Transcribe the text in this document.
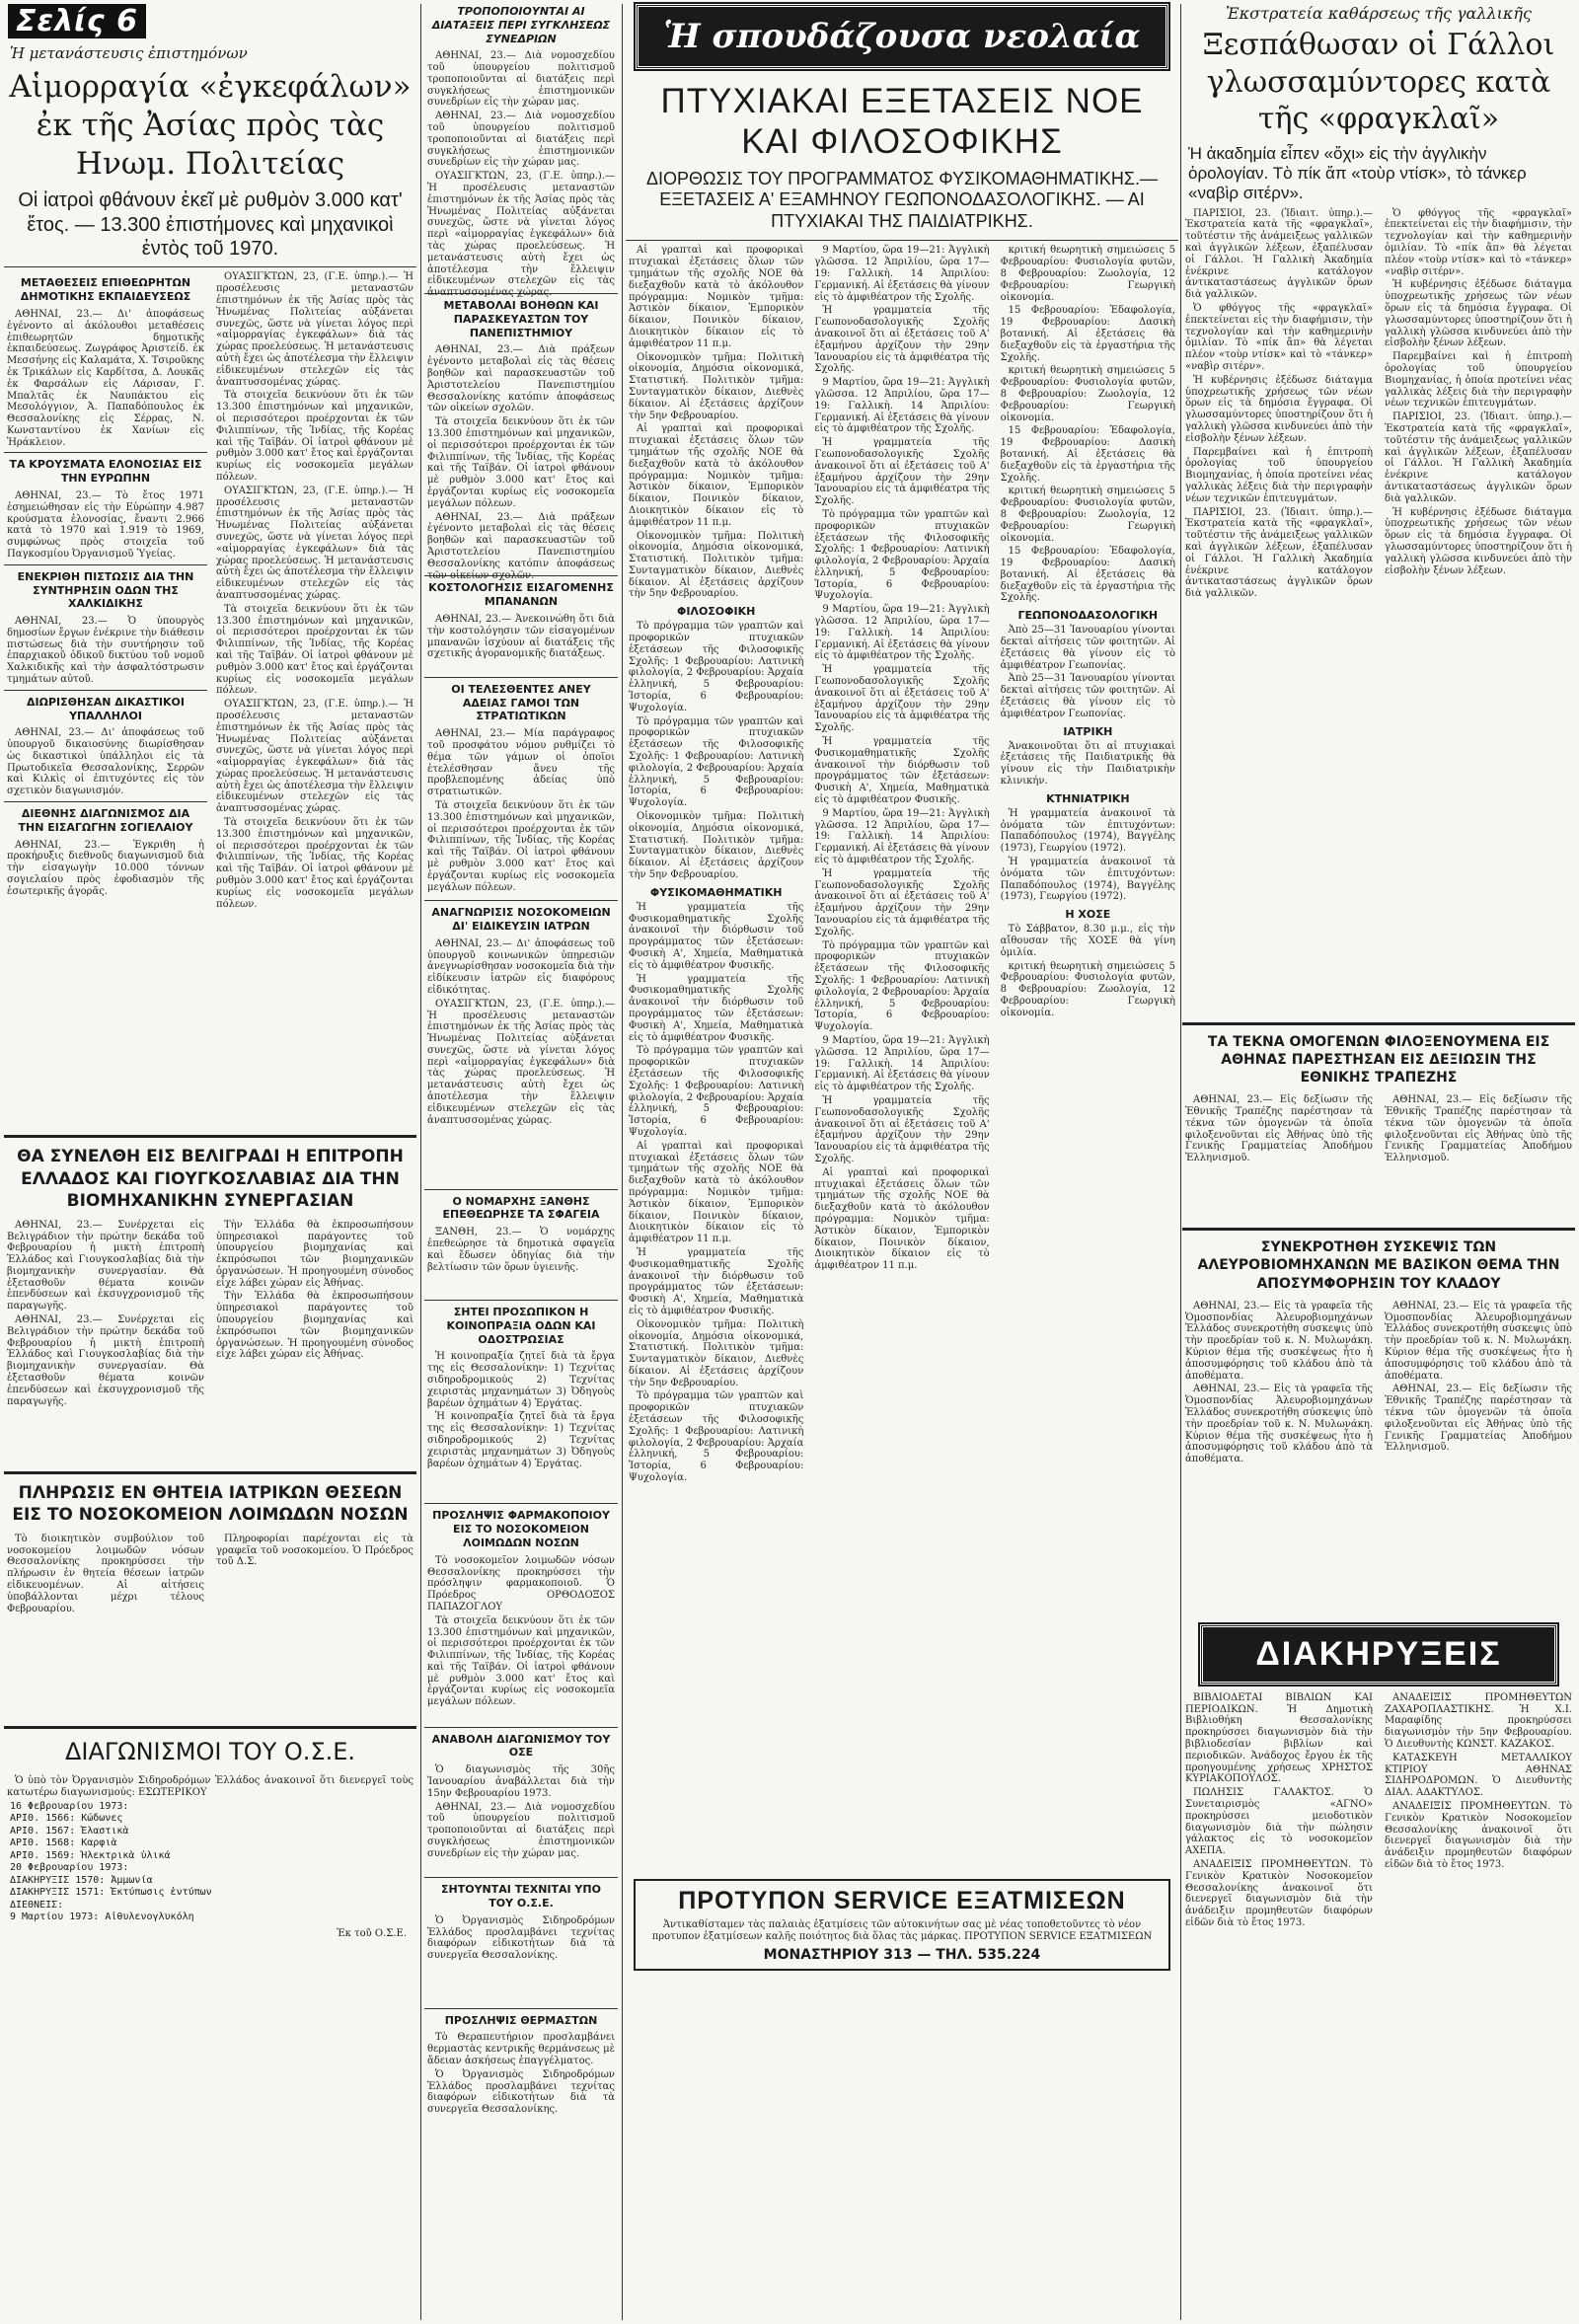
Σελίς 6
Ἡ μετανάστευσις ἐπιστημόνων
Αἱμορραγία «ἐγκεφάλων» ἐκ τῆς Ἀσίας πρὸς τὰς Ηνωμ. Πολιτείας
Οἱ ἰατροὶ φθάνουν ἐκεῖ μὲ ρυθμὸν 3.000 κατ' ἔτος. — 13.300 ἐπιστήμονες καὶ μηχανικοὶ ἐντὸς τοῦ 1970.
ΜΕΤΑΘΕΣΕΙΣ ΕΠΙΘΕΩΡΗΤΩΝ ΔΗΜΟΤΙΚΗΣ ΕΚΠΑΙΔΕΥΣΕΩΣ

ΑΘΗΝΑΙ, 23.— Δι' ἀποφάσεως ἐγένοντο αἱ ἀκόλουθοι μεταθέσεις ἐπιθεωρητῶν δημοτικῆς ἐκπαιδεύσεως. Ζωγράφος Ἀριστείδ. ἐκ Μεσσήνης εἰς Καλαμάτα, Χ. Τσιροῦκης ἐκ Τρικάλων εἰς Καρδίτσα, Δ. Λουκᾶς ἐκ Φαρσάλων εἰς Λάρισαν, Γ. Μπαλτᾶς ἐκ Ναυπάκτου εἰς Μεσολόγγιον, Ἀ. Παπαδόπουλος ἐκ Θεσσαλονίκης εἰς Σέρρας, Ν. Κωνσταντίνου ἐκ Χανίων εἰς Ἡράκλειον.

ΤΑ ΚΡΟΥΣΜΑΤΑ ΕΛΟΝΟΣΙΑΣ ΕΙΣ ΤΗΝ ΕΥΡΩΠΗΝ

ΑΘΗΝΑΙ, 23.— Τὸ ἔτος 1971 ἐσημειώθησαν εἰς τὴν Εὐρώπην 4.987 κρούσματα ἐλονοσίας, ἔναντι 2.966 κατὰ τὸ 1970 καὶ 1.919 τὸ 1969, συμφώνως πρὸς στοιχεῖα τοῦ Παγκοσμίου Ὀργανισμοῦ Ὑγείας.

ΕΝΕΚΡΙΘΗ ΠΙΣΤΩΣΙΣ ΔΙΑ ΤΗΝ ΣΥΝΤΗΡΗΣΙΝ ΟΔΩΝ ΤΗΣ ΧΑΛΚΙΔΙΚΗΣ

ΑΘΗΝΑΙ, 23.— Ὁ ὑπουργὸς δημοσίων ἔργων ἐνέκρινε τὴν διάθεσιν πιστώσεως διὰ τὴν συντήρησιν τοῦ ἐπαρχιακοῦ ὁδικοῦ δικτύου τοῦ νομοῦ Χαλκιδικῆς καὶ τὴν ἀσφαλτόστρωσιν τμημάτων αὐτοῦ.

ΔΙΩΡΙΣΘΗΣΑΝ ΔΙΚΑΣΤΙΚΟΙ ΥΠΑΛΛΗΛΟΙ

ΑΘΗΝΑΙ, 23.— Δι' ἀποφάσεως τοῦ ὑπουργοῦ δικαιοσύνης διωρίσθησαν ὡς δικαστικοὶ ὑπάλληλοι εἰς τὰ Πρωτοδικεῖα Θεσσαλονίκης, Σερρῶν καὶ Κιλκὶς οἱ ἐπιτυχόντες εἰς τὸν σχετικὸν διαγωνισμόν.

ΔΙΕΘΝΗΣ ΔΙΑΓΩΝΙΣΜΟΣ ΔΙΑ ΤΗΝ ΕΙΣΑΓΩΓΗΝ ΣΟΓΙΕΛΑΙΟΥ

ΑΘΗΝΑΙ, 23.— Ἐγκριθη ἡ προκήρυξις διεθνοῦς διαγωνισμοῦ διὰ τὴν εἰσαγωγὴν 10.000 τόννων σογιελαίου πρὸς ἐφοδιασμὸν τῆς ἐσωτερικῆς ἀγορᾶς.

ΟΥΑΣΙΓΚΤΩΝ, 23, (Γ.Ε. ὑπηρ.).— Ἡ προσέλευσις μεταναστῶν ἐπιστημόνων ἐκ τῆς Ἀσίας πρὸς τὰς Ἡνωμένας Πολιτείας αὐξάνεται συνεχῶς, ὥστε νὰ γίνεται λόγος περὶ «αἱμορραγίας ἐγκεφάλων» διὰ τὰς χώρας προελεύσεως. Ἡ μετανάστευσις αὐτὴ ἔχει ὡς ἀποτέλεσμα τὴν ἔλλειψιν εἰδικευμένων στελεχῶν εἰς τὰς ἀναπτυσσομένας χώρας.

Τὰ στοιχεῖα δεικνύουν ὅτι ἐκ τῶν 13.300 ἐπιστημόνων καὶ μηχανικῶν, οἱ περισσότεροι προέρχονται ἐκ τῶν Φιλιππίνων, τῆς Ἰνδίας, τῆς Κορέας καὶ τῆς Ταϊβάν. Οἱ ἰατροὶ φθάνουν μὲ ρυθμὸν 3.000 κατ' ἔτος καὶ ἐργάζονται κυρίως εἰς νοσοκομεῖα μεγάλων πόλεων.

ΟΥΑΣΙΓΚΤΩΝ, 23, (Γ.Ε. ὑπηρ.).— Ἡ προσέλευσις μεταναστῶν ἐπιστημόνων ἐκ τῆς Ἀσίας πρὸς τὰς Ἡνωμένας Πολιτείας αὐξάνεται συνεχῶς, ὥστε νὰ γίνεται λόγος περὶ «αἱμορραγίας ἐγκεφάλων» διὰ τὰς χώρας προελεύσεως. Ἡ μετανάστευσις αὐτὴ ἔχει ὡς ἀποτέλεσμα τὴν ἔλλειψιν εἰδικευμένων στελεχῶν εἰς τὰς ἀναπτυσσομένας χώρας.

Τὰ στοιχεῖα δεικνύουν ὅτι ἐκ τῶν 13.300 ἐπιστημόνων καὶ μηχανικῶν, οἱ περισσότεροι προέρχονται ἐκ τῶν Φιλιππίνων, τῆς Ἰνδίας, τῆς Κορέας καὶ τῆς Ταϊβάν. Οἱ ἰατροὶ φθάνουν μὲ ρυθμὸν 3.000 κατ' ἔτος καὶ ἐργάζονται κυρίως εἰς νοσοκομεῖα μεγάλων πόλεων.

ΟΥΑΣΙΓΚΤΩΝ, 23, (Γ.Ε. ὑπηρ.).— Ἡ προσέλευσις μεταναστῶν ἐπιστημόνων ἐκ τῆς Ἀσίας πρὸς τὰς Ἡνωμένας Πολιτείας αὐξάνεται συνεχῶς, ὥστε νὰ γίνεται λόγος περὶ «αἱμορραγίας ἐγκεφάλων» διὰ τὰς χώρας προελεύσεως. Ἡ μετανάστευσις αὐτὴ ἔχει ὡς ἀποτέλεσμα τὴν ἔλλειψιν εἰδικευμένων στελεχῶν εἰς τὰς ἀναπτυσσομένας χώρας.

Τὰ στοιχεῖα δεικνύουν ὅτι ἐκ τῶν 13.300 ἐπιστημόνων καὶ μηχανικῶν, οἱ περισσότεροι προέρχονται ἐκ τῶν Φιλιππίνων, τῆς Ἰνδίας, τῆς Κορέας καὶ τῆς Ταϊβάν. Οἱ ἰατροὶ φθάνουν μὲ ρυθμὸν 3.000 κατ' ἔτος καὶ ἐργάζονται κυρίως εἰς νοσοκομεῖα μεγάλων πόλεων.

ΘΑ ΣΥΝΕΛΘΗ ΕΙΣ ΒΕΛΙΓΡΑΔΙ Η ΕΠΙΤΡΟΠΗ ΕΛΛΑΔΟΣ ΚΑΙ ΓΙΟΥΓΚΟΣΛΑΒΙΑΣ ΔΙΑ ΤΗΝ ΒΙΟΜΗΧΑΝΙΚΗΝ ΣΥΝΕΡΓΑΣΙΑΝ

ΑΘΗΝΑΙ, 23.— Συνέρχεται εἰς Βελιγράδιον τὴν πρώτην δεκάδα τοῦ Φεβρουαρίου ἡ μικτὴ ἐπιτροπὴ Ἑλλάδος καὶ Γιουγκοσλαβίας διὰ τὴν βιομηχανικὴν συνεργασίαν. Θὰ ἐξετασθοῦν θέματα κοινῶν ἐπενδύσεων καὶ ἐκσυγχρονισμοῦ τῆς παραγωγῆς.

ΑΘΗΝΑΙ, 23.— Συνέρχεται εἰς Βελιγράδιον τὴν πρώτην δεκάδα τοῦ Φεβρουαρίου ἡ μικτὴ ἐπιτροπὴ Ἑλλάδος καὶ Γιουγκοσλαβίας διὰ τὴν βιομηχανικὴν συνεργασίαν. Θὰ ἐξετασθοῦν θέματα κοινῶν ἐπενδύσεων καὶ ἐκσυγχρονισμοῦ τῆς παραγωγῆς.

Τὴν Ἑλλάδα θὰ ἐκπροσωπήσουν ὑπηρεσιακοὶ παράγοντες τοῦ ὑπουργείου βιομηχανίας καὶ ἐκπρόσωποι τῶν βιομηχανικῶν ὀργανώσεων. Ἡ προηγουμένη σύνοδος εἶχε λάβει χώραν εἰς Ἀθήνας.

Τὴν Ἑλλάδα θὰ ἐκπροσωπήσουν ὑπηρεσιακοὶ παράγοντες τοῦ ὑπουργείου βιομηχανίας καὶ ἐκπρόσωποι τῶν βιομηχανικῶν ὀργανώσεων. Ἡ προηγουμένη σύνοδος εἶχε λάβει χώραν εἰς Ἀθήνας.

ΠΛΗΡΩΣΙΣ ΕΝ ΘΗΤΕΙΑ ΙΑΤΡΙΚΩΝ ΘΕΣΕΩΝ ΕΙΣ ΤΟ ΝΟΣΟΚΟΜΕΙΟΝ ΛΟΙΜΩΔΩΝ ΝΟΣΩΝ

Τὸ διοικητικὸν συμβούλιον τοῦ νοσοκομείου λοιμωδῶν νόσων Θεσσαλονίκης προκηρύσσει τὴν πλήρωσιν ἐν θητεία θέσεων ἰατρῶν εἰδικευομένων. Αἱ αἰτήσεις ὑποβάλλονται μέχρι τέλους Φεβρουαρίου.

Πληροφορίαι παρέχονται εἰς τὰ γραφεῖα τοῦ νοσοκομείου. Ὁ Πρόεδρος τοῦ Δ.Σ.

ΔΙΑΓΩΝΙΣΜΟΙ ΤΟΥ Ο.Σ.Ε.

Ὁ ὑπὸ τὸν Ὀργανισμὸν Σιδηροδρόμων Ἑλλάδος ἀνακοινοῖ ὅτι διενεργεῖ τοὺς κατωτέρω διαγωνισμούς: ΕΣΩΤΕΡΙΚΟΥ

16 Φεβρουαρίου 1973:
ΑΡΙΘ. 1566: Κώδωνες
ΑΡΙΘ. 1567: Ἐλαστικὰ
ΑΡΙΘ. 1568: Καρφιὰ
ΑΡΙΘ. 1569: Ἠλεκτρικὰ ὑλικά
20 Φεβρουαρίου 1973:
ΔΙΑΚΗΡΥΞΙΣ 1570: Ἀμμωνία
ΔΙΑΚΗΡΥΞΙΣ 1571: Ἐκτύπωσις ἐντύπων
ΔΙΕΘΝΕΙΣ:
9 Μαρτίου 1973: Αἰθυλενογλυκόλη
Ἐκ τοῦ Ο.Σ.Ε.
ΤΡΟΠΟΠΟΙΟΥΝΤΑΙ ΑΙ ΔΙΑΤΑΞΕΙΣ ΠΕΡΙ ΣΥΓΚΛΗΣΕΩΣ ΣΥΝΕΔΡΙΩΝ

ΑΘΗΝΑΙ, 23.— Διὰ νομοσχεδίου τοῦ ὑπουργείου πολιτισμοῦ τροποποιοῦνται αἱ διατάξεις περὶ συγκλήσεως ἐπιστημονικῶν συνεδρίων εἰς τὴν χώραν μας.

ΑΘΗΝΑΙ, 23.— Διὰ νομοσχεδίου τοῦ ὑπουργείου πολιτισμοῦ τροποποιοῦνται αἱ διατάξεις περὶ συγκλήσεως ἐπιστημονικῶν συνεδρίων εἰς τὴν χώραν μας.

ΟΥΑΣΙΓΚΤΩΝ, 23, (Γ.Ε. ὑπηρ.).— Ἡ προσέλευσις μεταναστῶν ἐπιστημόνων ἐκ τῆς Ἀσίας πρὸς τὰς Ἡνωμένας Πολιτείας αὐξάνεται συνεχῶς, ὥστε νὰ γίνεται λόγος περὶ «αἱμορραγίας ἐγκεφάλων» διὰ τὰς χώρας προελεύσεως. Ἡ μετανάστευσις αὐτὴ ἔχει ὡς ἀποτέλεσμα τὴν ἔλλειψιν εἰδικευμένων στελεχῶν εἰς τὰς ἀναπτυσσομένας χώρας.

ΜΕΤΑΒΟΛΑΙ ΒΟΗΘΩΝ ΚΑΙ ΠΑΡΑΣΚΕΥΑΣΤΩΝ ΤΟΥ ΠΑΝΕΠΙΣΤΗΜΙΟΥ

ΑΘΗΝΑΙ, 23.— Διὰ πράξεων ἐγένοντο μεταβολαὶ εἰς τὰς θέσεις βοηθῶν καὶ παρασκευαστῶν τοῦ Ἀριστοτελείου Πανεπιστημίου Θεσσαλονίκης κατόπιν ἀποφάσεως τῶν οἰκείων σχολῶν.

Τὰ στοιχεῖα δεικνύουν ὅτι ἐκ τῶν 13.300 ἐπιστημόνων καὶ μηχανικῶν, οἱ περισσότεροι προέρχονται ἐκ τῶν Φιλιππίνων, τῆς Ἰνδίας, τῆς Κορέας καὶ τῆς Ταϊβάν. Οἱ ἰατροὶ φθάνουν μὲ ρυθμὸν 3.000 κατ' ἔτος καὶ ἐργάζονται κυρίως εἰς νοσοκομεῖα μεγάλων πόλεων.

ΑΘΗΝΑΙ, 23.— Διὰ πράξεων ἐγένοντο μεταβολαὶ εἰς τὰς θέσεις βοηθῶν καὶ παρασκευαστῶν τοῦ Ἀριστοτελείου Πανεπιστημίου Θεσσαλονίκης κατόπιν ἀποφάσεως τῶν οἰκείων σχολῶν.

ΚΟΣΤΟΛΟΓΗΣΙΣ ΕΙΣΑΓΟΜΕΝΗΣ ΜΠΑΝΑΝΩΝ

ΑΘΗΝΑΙ, 23.— Ἀνεκοινώθη ὅτι διὰ τὴν κοστολόγησιν τῶν εἰσαγομένων μπανανῶν ἰσχύουν αἱ διατάξεις τῆς σχετικῆς ἀγορανομικῆς διατάξεως.

ΟΙ ΤΕΛΕΣΘΕΝΤΕΣ ΑΝΕΥ ΑΔΕΙΑΣ ΓΑΜΟΙ ΤΩΝ ΣΤΡΑΤΙΩΤΙΚΩΝ

ΑΘΗΝΑΙ, 23.— Μία παράγραφος τοῦ προσφάτου νόμου ρυθμίζει τὸ θέμα τῶν γάμων οἱ ὁποῖοι ἐτελέσθησαν ἄνευ τῆς προβλεπομένης ἀδείας ὑπὸ στρατιωτικῶν.

Τὰ στοιχεῖα δεικνύουν ὅτι ἐκ τῶν 13.300 ἐπιστημόνων καὶ μηχανικῶν, οἱ περισσότεροι προέρχονται ἐκ τῶν Φιλιππίνων, τῆς Ἰνδίας, τῆς Κορέας καὶ τῆς Ταϊβάν. Οἱ ἰατροὶ φθάνουν μὲ ρυθμὸν 3.000 κατ' ἔτος καὶ ἐργάζονται κυρίως εἰς νοσοκομεῖα μεγάλων πόλεων.

ΑΝΑΓΝΩΡΙΣΙΣ ΝΟΣΟΚΟΜΕΙΩΝ ΔΙ' ΕΙΔΙΚΕΥΣΙΝ ΙΑΤΡΩΝ

ΑΘΗΝΑΙ, 23.— Δι' ἀποφάσεως τοῦ ὑπουργοῦ κοινωνικῶν ὑπηρεσιῶν ἀνεγνωρίσθησαν νοσοκομεῖα διὰ τὴν εἰδίκευσιν ἰατρῶν εἰς διαφόρους εἰδικότητας.

ΟΥΑΣΙΓΚΤΩΝ, 23, (Γ.Ε. ὑπηρ.).— Ἡ προσέλευσις μεταναστῶν ἐπιστημόνων ἐκ τῆς Ἀσίας πρὸς τὰς Ἡνωμένας Πολιτείας αὐξάνεται συνεχῶς, ὥστε νὰ γίνεται λόγος περὶ «αἱμορραγίας ἐγκεφάλων» διὰ τὰς χώρας προελεύσεως. Ἡ μετανάστευσις αὐτὴ ἔχει ὡς ἀποτέλεσμα τὴν ἔλλειψιν εἰδικευμένων στελεχῶν εἰς τὰς ἀναπτυσσομένας χώρας.

Ο ΝΟΜΑΡΧΗΣ ΞΑΝΘΗΣ ΕΠΕΘΕΩΡΗΣΕ ΤΑ ΣΦΑΓΕΙΑ

ΞΑΝΘΗ, 23.— Ὁ νομάρχης ἐπεθεώρησε τὰ δημοτικὰ σφαγεῖα καὶ ἔδωσεν ὁδηγίας διὰ τὴν βελτίωσιν τῶν ὅρων ὑγιεινῆς.

ΣΗΤΕΙ ΠΡΟΣΩΠΙΚΟΝ Η ΚΟΙΝΟΠΡΑΞΙΑ ΟΔΩΝ ΚΑΙ ΟΔΟΣΤΡΩΣΙΑΣ

Ἡ κοινοπραξία ζητεῖ διὰ τὰ ἔργα της εἰς Θεσσαλονίκην: 1) Τεχνίτας σιδηροδρομικούς 2) Τεχνίτας χειριστὰς μηχανημάτων 3) Ὀδηγοὺς βαρέων ὀχημάτων 4) Ἐργάτας.

Ἡ κοινοπραξία ζητεῖ διὰ τὰ ἔργα της εἰς Θεσσαλονίκην: 1) Τεχνίτας σιδηροδρομικούς 2) Τεχνίτας χειριστὰς μηχανημάτων 3) Ὀδηγοὺς βαρέων ὀχημάτων 4) Ἐργάτας.

ΠΡΟΣΛΗΨΙΣ ΦΑΡΜΑΚΟΠΟΙΟΥ ΕΙΣ ΤΟ ΝΟΣΟΚΟΜΕΙΟΝ ΛΟΙΜΩΔΩΝ ΝΟΣΩΝ

Τὸ νοσοκομεῖον λοιμωδῶν νόσων Θεσσαλονίκης προκηρύσσει τὴν πρόσληψιν φαρμακοποιοῦ. Ὁ Πρόεδρος ΟΡΘΟΔΟΞΟΣ ΠΑΠΑΖΟΓΛΟΥ

Τὰ στοιχεῖα δεικνύουν ὅτι ἐκ τῶν 13.300 ἐπιστημόνων καὶ μηχανικῶν, οἱ περισσότεροι προέρχονται ἐκ τῶν Φιλιππίνων, τῆς Ἰνδίας, τῆς Κορέας καὶ τῆς Ταϊβάν. Οἱ ἰατροὶ φθάνουν μὲ ρυθμὸν 3.000 κατ' ἔτος καὶ ἐργάζονται κυρίως εἰς νοσοκομεῖα μεγάλων πόλεων.

ΑΝΑΒΟΛΗ ΔΙΑΓΩΝΙΣΜΟΥ ΤΟΥ ΟΣΕ

Ὁ διαγωνισμὸς τῆς 30ῆς Ἰανουαρίου ἀναβάλλεται διὰ τὴν 15ην Φεβρουαρίου 1973.

ΑΘΗΝΑΙ, 23.— Διὰ νομοσχεδίου τοῦ ὑπουργείου πολιτισμοῦ τροποποιοῦνται αἱ διατάξεις περὶ συγκλήσεως ἐπιστημονικῶν συνεδρίων εἰς τὴν χώραν μας.

ΣΗΤΟΥΝΤΑΙ ΤΕΧΝΙΤΑΙ ΥΠΟ ΤΟΥ Ο.Σ.Ε.

Ὁ Ὀργανισμὸς Σιδηροδρόμων Ἑλλάδος προσλαμβάνει τεχνίτας διαφόρων εἰδικοτήτων διὰ τὰ συνεργεῖα Θεσσαλονίκης.

ΠΡΟΣΛΗΨΙΣ ΘΕΡΜΑΣΤΩΝ

Τὸ Θεραπευτήριον προσλαμβάνει θερμαστὰς κεντρικῆς θερμάνσεως μὲ ἄδειαν ἀσκήσεως ἐπαγγέλματος.

Ὁ Ὀργανισμὸς Σιδηροδρόμων Ἑλλάδος προσλαμβάνει τεχνίτας διαφόρων εἰδικοτήτων διὰ τὰ συνεργεῖα Θεσσαλονίκης.

Ἡ σπουδάζουσα νεολαία
ΠΤΥΧΙΑΚΑΙ ΕΞΕΤΑΣΕΙΣ ΝΟΕ ΚΑΙ ΦΙΛΟΣΟΦΙΚΗΣ
ΔΙΟΡΘΩΣΙΣ ΤΟΥ ΠΡΟΓΡΑΜΜΑΤΟΣ ΦΥΣΙΚΟΜΑΘΗΜΑΤΙΚΗΣ.— ΕΞΕΤΑΣΕΙΣ Α' ΕΞΑΜΗΝΟΥ ΓΕΩΠΟΝΟΔΑΣΟΛΟΓΙΚΗΣ. — ΑΙ ΠΤΥΧΙΑΚΑΙ ΤΗΣ ΠΑΙΔΙΑΤΡΙΚΗΣ.

Αἱ γραπταὶ καὶ προφορικαὶ πτυχιακαὶ ἐξετάσεις ὅλων τῶν τμημάτων τῆς σχολῆς ΝΟΕ θὰ διεξαχθοῦν κατὰ τὸ ἀκόλουθον πρόγραμμα: Νομικὸν τμῆμα: Ἀστικὸν δίκαιον, Ἐμπορικὸν δίκαιον, Ποινικὸν δίκαιον, Διοικητικὸν δίκαιον εἰς τὸ ἀμφιθέατρον 11 π.μ.

Οἰκονομικὸν τμῆμα: Πολιτικὴ οἰκονομία, Δημόσια οἰκονομικά, Στατιστική. Πολιτικὸν τμῆμα: Συνταγματικὸν δίκαιον, Διεθνὲς δίκαιον. Αἱ ἐξετάσεις ἀρχίζουν τὴν 5ην Φεβρουαρίου.

Αἱ γραπταὶ καὶ προφορικαὶ πτυχιακαὶ ἐξετάσεις ὅλων τῶν τμημάτων τῆς σχολῆς ΝΟΕ θὰ διεξαχθοῦν κατὰ τὸ ἀκόλουθον πρόγραμμα: Νομικὸν τμῆμα: Ἀστικὸν δίκαιον, Ἐμπορικὸν δίκαιον, Ποινικὸν δίκαιον, Διοικητικὸν δίκαιον εἰς τὸ ἀμφιθέατρον 11 π.μ.

Οἰκονομικὸν τμῆμα: Πολιτικὴ οἰκονομία, Δημόσια οἰκονομικά, Στατιστική. Πολιτικὸν τμῆμα: Συνταγματικὸν δίκαιον, Διεθνὲς δίκαιον. Αἱ ἐξετάσεις ἀρχίζουν τὴν 5ην Φεβρουαρίου.

ΦΙΛΟΣΟΦΙΚΗ

Τὸ πρόγραμμα τῶν γραπτῶν καὶ προφορικῶν πτυχιακῶν ἐξετάσεων τῆς Φιλοσοφικῆς Σχολῆς: 1 Φεβρουαρίου: Λατινικὴ φιλολογία, 2 Φεβρουαρίου: Ἀρχαία ἑλληνική, 5 Φεβρουαρίου: Ἱστορία, 6 Φεβρουαρίου: Ψυχολογία.

Τὸ πρόγραμμα τῶν γραπτῶν καὶ προφορικῶν πτυχιακῶν ἐξετάσεων τῆς Φιλοσοφικῆς Σχολῆς: 1 Φεβρουαρίου: Λατινικὴ φιλολογία, 2 Φεβρουαρίου: Ἀρχαία ἑλληνική, 5 Φεβρουαρίου: Ἱστορία, 6 Φεβρουαρίου: Ψυχολογία.

Οἰκονομικὸν τμῆμα: Πολιτικὴ οἰκονομία, Δημόσια οἰκονομικά, Στατιστική. Πολιτικὸν τμῆμα: Συνταγματικὸν δίκαιον, Διεθνὲς δίκαιον. Αἱ ἐξετάσεις ἀρχίζουν τὴν 5ην Φεβρουαρίου.

ΦΥΣΙΚΟΜΑΘΗΜΑΤΙΚΗ

Ἡ γραμματεία τῆς Φυσικομαθηματικῆς Σχολῆς ἀνακοινοῖ τὴν διόρθωσιν τοῦ προγράμματος τῶν ἐξετάσεων: Φυσικὴ Α', Χημεία, Μαθηματικὰ εἰς τὸ ἀμφιθέατρον Φυσικῆς.

Ἡ γραμματεία τῆς Φυσικομαθηματικῆς Σχολῆς ἀνακοινοῖ τὴν διόρθωσιν τοῦ προγράμματος τῶν ἐξετάσεων: Φυσικὴ Α', Χημεία, Μαθηματικὰ εἰς τὸ ἀμφιθέατρον Φυσικῆς.

Τὸ πρόγραμμα τῶν γραπτῶν καὶ προφορικῶν πτυχιακῶν ἐξετάσεων τῆς Φιλοσοφικῆς Σχολῆς: 1 Φεβρουαρίου: Λατινικὴ φιλολογία, 2 Φεβρουαρίου: Ἀρχαία ἑλληνική, 5 Φεβρουαρίου: Ἱστορία, 6 Φεβρουαρίου: Ψυχολογία.

Αἱ γραπταὶ καὶ προφορικαὶ πτυχιακαὶ ἐξετάσεις ὅλων τῶν τμημάτων τῆς σχολῆς ΝΟΕ θὰ διεξαχθοῦν κατὰ τὸ ἀκόλουθον πρόγραμμα: Νομικὸν τμῆμα: Ἀστικὸν δίκαιον, Ἐμπορικὸν δίκαιον, Ποινικὸν δίκαιον, Διοικητικὸν δίκαιον εἰς τὸ ἀμφιθέατρον 11 π.μ.

Ἡ γραμματεία τῆς Φυσικομαθηματικῆς Σχολῆς ἀνακοινοῖ τὴν διόρθωσιν τοῦ προγράμματος τῶν ἐξετάσεων: Φυσικὴ Α', Χημεία, Μαθηματικὰ εἰς τὸ ἀμφιθέατρον Φυσικῆς.

Οἰκονομικὸν τμῆμα: Πολιτικὴ οἰκονομία, Δημόσια οἰκονομικά, Στατιστική. Πολιτικὸν τμῆμα: Συνταγματικὸν δίκαιον, Διεθνὲς δίκαιον. Αἱ ἐξετάσεις ἀρχίζουν τὴν 5ην Φεβρουαρίου.

Τὸ πρόγραμμα τῶν γραπτῶν καὶ προφορικῶν πτυχιακῶν ἐξετάσεων τῆς Φιλοσοφικῆς Σχολῆς: 1 Φεβρουαρίου: Λατινικὴ φιλολογία, 2 Φεβρουαρίου: Ἀρχαία ἑλληνική, 5 Φεβρουαρίου: Ἱστορία, 6 Φεβρουαρίου: Ψυχολογία.

9 Μαρτίου, ὥρα 19—21: Ἀγγλικὴ γλῶσσα. 12 Ἀπριλίου, ὥρα 17—19: Γαλλικὴ. 14 Ἀπριλίου: Γερμανική. Αἱ ἐξετάσεις θὰ γίνουν εἰς τὸ ἀμφιθέατρον τῆς Σχολῆς.

Ἡ γραμματεία τῆς Γεωπονοδασολογικῆς Σχολῆς ἀνακοινοῖ ὅτι αἱ ἐξετάσεις τοῦ Α' ἑξαμήνου ἀρχίζουν τὴν 29ην Ἰανουαρίου εἰς τὰ ἀμφιθέατρα τῆς Σχολῆς.

9 Μαρτίου, ὥρα 19—21: Ἀγγλικὴ γλῶσσα. 12 Ἀπριλίου, ὥρα 17—19: Γαλλικὴ. 14 Ἀπριλίου: Γερμανική. Αἱ ἐξετάσεις θὰ γίνουν εἰς τὸ ἀμφιθέατρον τῆς Σχολῆς.

Ἡ γραμματεία τῆς Γεωπονοδασολογικῆς Σχολῆς ἀνακοινοῖ ὅτι αἱ ἐξετάσεις τοῦ Α' ἑξαμήνου ἀρχίζουν τὴν 29ην Ἰανουαρίου εἰς τὰ ἀμφιθέατρα τῆς Σχολῆς.

Τὸ πρόγραμμα τῶν γραπτῶν καὶ προφορικῶν πτυχιακῶν ἐξετάσεων τῆς Φιλοσοφικῆς Σχολῆς: 1 Φεβρουαρίου: Λατινικὴ φιλολογία, 2 Φεβρουαρίου: Ἀρχαία ἑλληνική, 5 Φεβρουαρίου: Ἱστορία, 6 Φεβρουαρίου: Ψυχολογία.

9 Μαρτίου, ὥρα 19—21: Ἀγγλικὴ γλῶσσα. 12 Ἀπριλίου, ὥρα 17—19: Γαλλικὴ. 14 Ἀπριλίου: Γερμανική. Αἱ ἐξετάσεις θὰ γίνουν εἰς τὸ ἀμφιθέατρον τῆς Σχολῆς.

Ἡ γραμματεία τῆς Γεωπονοδασολογικῆς Σχολῆς ἀνακοινοῖ ὅτι αἱ ἐξετάσεις τοῦ Α' ἑξαμήνου ἀρχίζουν τὴν 29ην Ἰανουαρίου εἰς τὰ ἀμφιθέατρα τῆς Σχολῆς.

Ἡ γραμματεία τῆς Φυσικομαθηματικῆς Σχολῆς ἀνακοινοῖ τὴν διόρθωσιν τοῦ προγράμματος τῶν ἐξετάσεων: Φυσικὴ Α', Χημεία, Μαθηματικὰ εἰς τὸ ἀμφιθέατρον Φυσικῆς.

9 Μαρτίου, ὥρα 19—21: Ἀγγλικὴ γλῶσσα. 12 Ἀπριλίου, ὥρα 17—19: Γαλλικὴ. 14 Ἀπριλίου: Γερμανική. Αἱ ἐξετάσεις θὰ γίνουν εἰς τὸ ἀμφιθέατρον τῆς Σχολῆς.

Ἡ γραμματεία τῆς Γεωπονοδασολογικῆς Σχολῆς ἀνακοινοῖ ὅτι αἱ ἐξετάσεις τοῦ Α' ἑξαμήνου ἀρχίζουν τὴν 29ην Ἰανουαρίου εἰς τὰ ἀμφιθέατρα τῆς Σχολῆς.

Τὸ πρόγραμμα τῶν γραπτῶν καὶ προφορικῶν πτυχιακῶν ἐξετάσεων τῆς Φιλοσοφικῆς Σχολῆς: 1 Φεβρουαρίου: Λατινικὴ φιλολογία, 2 Φεβρουαρίου: Ἀρχαία ἑλληνική, 5 Φεβρουαρίου: Ἱστορία, 6 Φεβρουαρίου: Ψυχολογία.

9 Μαρτίου, ὥρα 19—21: Ἀγγλικὴ γλῶσσα. 12 Ἀπριλίου, ὥρα 17—19: Γαλλικὴ. 14 Ἀπριλίου: Γερμανική. Αἱ ἐξετάσεις θὰ γίνουν εἰς τὸ ἀμφιθέατρον τῆς Σχολῆς.

Ἡ γραμματεία τῆς Γεωπονοδασολογικῆς Σχολῆς ἀνακοινοῖ ὅτι αἱ ἐξετάσεις τοῦ Α' ἑξαμήνου ἀρχίζουν τὴν 29ην Ἰανουαρίου εἰς τὰ ἀμφιθέατρα τῆς Σχολῆς.

Αἱ γραπταὶ καὶ προφορικαὶ πτυχιακαὶ ἐξετάσεις ὅλων τῶν τμημάτων τῆς σχολῆς ΝΟΕ θὰ διεξαχθοῦν κατὰ τὸ ἀκόλουθον πρόγραμμα: Νομικὸν τμῆμα: Ἀστικὸν δίκαιον, Ἐμπορικὸν δίκαιον, Ποινικὸν δίκαιον, Διοικητικὸν δίκαιον εἰς τὸ ἀμφιθέατρον 11 π.μ.

κριτική θεωρητικὴ σημειώσεις 5 Φεβρουαρίου: Φυσιολογία φυτῶν, 8 Φεβρουαρίου: Ζωολογία, 12 Φεβρουαρίου: Γεωργικὴ οἰκονομία.

15 Φεβρουαρίου: Ἐδαφολογία, 19 Φεβρουαρίου: Δασικὴ βοτανική. Αἱ ἐξετάσεις θὰ διεξαχθοῦν εἰς τὰ ἐργαστήρια τῆς Σχολῆς.

κριτική θεωρητικὴ σημειώσεις 5 Φεβρουαρίου: Φυσιολογία φυτῶν, 8 Φεβρουαρίου: Ζωολογία, 12 Φεβρουαρίου: Γεωργικὴ οἰκονομία.

15 Φεβρουαρίου: Ἐδαφολογία, 19 Φεβρουαρίου: Δασικὴ βοτανική. Αἱ ἐξετάσεις θὰ διεξαχθοῦν εἰς τὰ ἐργαστήρια τῆς Σχολῆς.

κριτική θεωρητικὴ σημειώσεις 5 Φεβρουαρίου: Φυσιολογία φυτῶν, 8 Φεβρουαρίου: Ζωολογία, 12 Φεβρουαρίου: Γεωργικὴ οἰκονομία.

15 Φεβρουαρίου: Ἐδαφολογία, 19 Φεβρουαρίου: Δασικὴ βοτανική. Αἱ ἐξετάσεις θὰ διεξαχθοῦν εἰς τὰ ἐργαστήρια τῆς Σχολῆς.

ΓΕΩΠΟΝΟΔΑΣΟΛΟΓΙΚΗ

Ἀπὸ 25—31 Ἰανουαρίου γίνονται δεκταὶ αἰτήσεις τῶν φοιτητῶν. Αἱ ἐξετάσεις θὰ γίνουν εἰς τὸ ἀμφιθέατρον Γεωπονίας.

Ἀπὸ 25—31 Ἰανουαρίου γίνονται δεκταὶ αἰτήσεις τῶν φοιτητῶν. Αἱ ἐξετάσεις θὰ γίνουν εἰς τὸ ἀμφιθέατρον Γεωπονίας.

ΙΑΤΡΙΚΗ

Ἀνακοινοῦται ὅτι αἱ πτυχιακαὶ ἐξετάσεις τῆς Παιδιατρικῆς θὰ γίνουν εἰς τὴν Παιδιατρικὴν κλινικήν.

ΚΤΗΝΙΑΤΡΙΚΗ

Ἡ γραμματεία ἀνακοινοῖ τὰ ὀνόματα τῶν ἐπιτυχόντων: Παπαδόπουλος (1974), Βαγγέλης (1973), Γεωργίου (1972).

Ἡ γραμματεία ἀνακοινοῖ τὰ ὀνόματα τῶν ἐπιτυχόντων: Παπαδόπουλος (1974), Βαγγέλης (1973), Γεωργίου (1972).

Η ΧΟΣΕ

Τὸ Σάββατον, 8.30 μ.μ., εἰς τὴν αἴθουσαν τῆς ΧΟΣΕ θὰ γίνη ὁμιλία.

κριτική θεωρητικὴ σημειώσεις 5 Φεβρουαρίου: Φυσιολογία φυτῶν, 8 Φεβρουαρίου: Ζωολογία, 12 Φεβρουαρίου: Γεωργικὴ οἰκονομία.

ΠΡΟΤΥΠΟΝ SERVICE ΕΞΑΤΜΙΣΕΩΝ

Ἀντικαθίσταμεν τὰς παλαιὰς ἐξατμίσεις τῶν αὐτοκινήτων σας μὲ νέας τοποθετοῦντες τὸ νέον προτυπον ἐξατμίσεων καλῆς ποιότητος διὰ ὅλας τὰς μάρκας. ΠΡΟΤΥΠΟΝ SERVICE ΕΞΑΤΜΙΣΕΩΝ

ΜΟΝΑΣΤΗΡΙΟΥ 313 — ΤΗΛ. 535.224
Ἐκστρατεία καθάρσεως τῆς γαλλικῆς
Ξεσπάθωσαν οἱ Γάλλοι γλωσσαμύντορες κατὰ τῆς «φραγκλαῖ»
Ἡ ἀκαδημία εἶπεν «ὄχι» εἰς τὴν ἀγγλικὴν ὁρολογίαν. Τὸ πίκ ἄπ «τοὺρ ντίσκ», τὸ τάνκερ «ναβὶρ σιτέρν».

ΠΑΡΙΣΙΟΙ, 23. (Ἰδιαιτ. ὑπηρ.).— Ἐκστρατεία κατὰ τῆς «φραγκλαῖ», τοῦτέστιν τῆς ἀνάμειξεως γαλλικῶν καὶ ἀγγλικῶν λέξεων, ἐξαπέλυσαν οἱ Γάλλοι. Ἡ Γαλλικὴ Ἀκαδημία ἐνέκρινε κατάλογον ἀντικαταστάσεως ἀγγλικῶν ὅρων διὰ γαλλικῶν.

Ὁ φθόγγος τῆς «φραγκλαῖ» ἐπεκτείνεται εἰς τὴν διαφήμισιν, τὴν τεχνολογίαν καὶ τὴν καθημερινὴν ὁμιλίαν. Τὸ «πίκ ἄπ» θὰ λέγεται πλέον «τοὺρ ντίσκ» καὶ τὸ «τάνκερ» «ναβὶρ σιτέρν».

Ἡ κυβέρνησις ἐξέδωσε διάταγμα ὑποχρεωτικῆς χρήσεως τῶν νέων ὅρων εἰς τὰ δημόσια ἔγγραφα. Οἱ γλωσσαμύντορες ὑποστηρίζουν ὅτι ἡ γαλλικὴ γλῶσσα κινδυνεύει ἀπὸ τὴν εἰσβολὴν ξένων λέξεων.

Παρεμβαίνει καὶ ἡ ἐπιτροπὴ ὁρολογίας τοῦ ὑπουργείου Βιομηχανίας, ἡ ὁποία προτείνει νέας γαλλικὰς λέξεις διὰ τὴν περιγραφὴν νέων τεχνικῶν ἐπιτευγμάτων.

ΠΑΡΙΣΙΟΙ, 23. (Ἰδιαιτ. ὑπηρ.).— Ἐκστρατεία κατὰ τῆς «φραγκλαῖ», τοῦτέστιν τῆς ἀνάμειξεως γαλλικῶν καὶ ἀγγλικῶν λέξεων, ἐξαπέλυσαν οἱ Γάλλοι. Ἡ Γαλλικὴ Ἀκαδημία ἐνέκρινε κατάλογον ἀντικαταστάσεως ἀγγλικῶν ὅρων διὰ γαλλικῶν.

Ὁ φθόγγος τῆς «φραγκλαῖ» ἐπεκτείνεται εἰς τὴν διαφήμισιν, τὴν τεχνολογίαν καὶ τὴν καθημερινὴν ὁμιλίαν. Τὸ «πίκ ἄπ» θὰ λέγεται πλέον «τοὺρ ντίσκ» καὶ τὸ «τάνκερ» «ναβὶρ σιτέρν».

Ἡ κυβέρνησις ἐξέδωσε διάταγμα ὑποχρεωτικῆς χρήσεως τῶν νέων ὅρων εἰς τὰ δημόσια ἔγγραφα. Οἱ γλωσσαμύντορες ὑποστηρίζουν ὅτι ἡ γαλλικὴ γλῶσσα κινδυνεύει ἀπὸ τὴν εἰσβολὴν ξένων λέξεων.

Παρεμβαίνει καὶ ἡ ἐπιτροπὴ ὁρολογίας τοῦ ὑπουργείου Βιομηχανίας, ἡ ὁποία προτείνει νέας γαλλικὰς λέξεις διὰ τὴν περιγραφὴν νέων τεχνικῶν ἐπιτευγμάτων.

ΠΑΡΙΣΙΟΙ, 23. (Ἰδιαιτ. ὑπηρ.).— Ἐκστρατεία κατὰ τῆς «φραγκλαῖ», τοῦτέστιν τῆς ἀνάμειξεως γαλλικῶν καὶ ἀγγλικῶν λέξεων, ἐξαπέλυσαν οἱ Γάλλοι. Ἡ Γαλλικὴ Ἀκαδημία ἐνέκρινε κατάλογον ἀντικαταστάσεως ἀγγλικῶν ὅρων διὰ γαλλικῶν.

Ἡ κυβέρνησις ἐξέδωσε διάταγμα ὑποχρεωτικῆς χρήσεως τῶν νέων ὅρων εἰς τὰ δημόσια ἔγγραφα. Οἱ γλωσσαμύντορες ὑποστηρίζουν ὅτι ἡ γαλλικὴ γλῶσσα κινδυνεύει ἀπὸ τὴν εἰσβολὴν ξένων λέξεων.

ΤΑ ΤΕΚΝΑ ΟΜΟΓΕΝΩΝ ΦΙΛΟΞΕΝΟΥΜΕΝΑ ΕΙΣ ΑΘΗΝΑΣ ΠΑΡΕΣΤΗΣΑΝ ΕΙΣ ΔΕΞΙΩΣΙΝ ΤΗΣ ΕΘΝΙΚΗΣ ΤΡΑΠΕΖΗΣ

ΑΘΗΝΑΙ, 23.— Εἰς δεξίωσιν τῆς Ἐθνικῆς Τραπέζης παρέστησαν τὰ τέκνα τῶν ὁμογενῶν τὰ ὁποῖα φιλοξενοῦνται εἰς Ἀθήνας ὑπὸ τῆς Γενικῆς Γραμματείας Ἀποδήμου Ἑλληνισμοῦ.

ΑΘΗΝΑΙ, 23.— Εἰς δεξίωσιν τῆς Ἐθνικῆς Τραπέζης παρέστησαν τὰ τέκνα τῶν ὁμογενῶν τὰ ὁποῖα φιλοξενοῦνται εἰς Ἀθήνας ὑπὸ τῆς Γενικῆς Γραμματείας Ἀποδήμου Ἑλληνισμοῦ.

ΣΥΝΕΚΡΟΤΗΘΗ ΣΥΣΚΕΨΙΣ ΤΩΝ ΑΛΕΥΡΟΒΙΟΜΗΧΑΝΩΝ ΜΕ ΒΑΣΙΚΟΝ ΘΕΜΑ ΤΗΝ ΑΠΟΣΥΜΦΟΡΗΣΙΝ ΤΟΥ ΚΛΑΔΟΥ

ΑΘΗΝΑΙ, 23.— Εἰς τὰ γραφεῖα τῆς Ὁμοσπονδίας Ἀλευροβιομηχάνων Ἑλλάδος συνεκροτήθη σύσκεψις ὑπὸ τὴν προεδρίαν τοῦ κ. Ν. Μυλωνάκη. Κύριον θέμα τῆς συσκέψεως ἦτο ἡ ἀποσυμφόρησις τοῦ κλάδου ἀπὸ τὰ ἀποθέματα.

ΑΘΗΝΑΙ, 23.— Εἰς τὰ γραφεῖα τῆς Ὁμοσπονδίας Ἀλευροβιομηχάνων Ἑλλάδος συνεκροτήθη σύσκεψις ὑπὸ τὴν προεδρίαν τοῦ κ. Ν. Μυλωνάκη. Κύριον θέμα τῆς συσκέψεως ἦτο ἡ ἀποσυμφόρησις τοῦ κλάδου ἀπὸ τὰ ἀποθέματα.

ΑΘΗΝΑΙ, 23.— Εἰς τὰ γραφεῖα τῆς Ὁμοσπονδίας Ἀλευροβιομηχάνων Ἑλλάδος συνεκροτήθη σύσκεψις ὑπὸ τὴν προεδρίαν τοῦ κ. Ν. Μυλωνάκη. Κύριον θέμα τῆς συσκέψεως ἦτο ἡ ἀποσυμφόρησις τοῦ κλάδου ἀπὸ τὰ ἀποθέματα.

ΑΘΗΝΑΙ, 23.— Εἰς δεξίωσιν τῆς Ἐθνικῆς Τραπέζης παρέστησαν τὰ τέκνα τῶν ὁμογενῶν τὰ ὁποῖα φιλοξενοῦνται εἰς Ἀθήνας ὑπὸ τῆς Γενικῆς Γραμματείας Ἀποδήμου Ἑλληνισμοῦ.

ΔΙΑΚΗΡΥΞΕΙΣ

ΒΙΒΛΙΟΔΕΤΑΙ ΒΙΒΛΙΩΝ ΚΑΙ ΠΕΡΙΟΔΙΚΩΝ. Ἡ Δημοτικὴ Βιβλιοθήκη Θεσσαλονίκης προκηρύσσει διαγωνισμὸν διὰ τὴν βιβλιοδεσίαν βιβλίων καὶ περιοδικῶν. Ἀνάδοχος ἔργου ἐκ τῆς προηγουμένης χρήσεως ΧΡΗΣΤΟΣ ΚΥΡΙΑΚΟΠΟΥΛΟΣ.

ΠΩΛΗΣΙΣ ΓΑΛΑΚΤΟΣ. Ὁ Συνεταιρισμὸς «ΑΓΝΟ» προκηρύσσει μειοδοτικὸν διαγωνισμὸν διὰ τὴν πώλησιν γάλακτος εἰς τὸ νοσοκομεῖον ΑΧΕΠΑ.

ΑΝΑΔΕΙΞΙΣ ΠΡΟΜΗΘΕΥΤΩΝ. Τὸ Γενικὸν Κρατικὸν Νοσοκομεῖον Θεσσαλονίκης ἀνακοινοῖ ὅτι διενεργεῖ διαγωνισμὸν διὰ τὴν ἀνάδειξιν προμηθευτῶν διαφόρων εἰδῶν διὰ τὸ ἔτος 1973.

ΑΝΑΔΕΙΞΙΣ ΠΡΟΜΗΘΕΥΤΩΝ ΖΑΧΑΡΟΠΛΑΣΤΙΚΗΣ. Ἡ Χ.Ι. Μαραφίδης προκηρύσσει διαγωνισμὸν τὴν 5ην Φεβρουαρίου. Ὁ Διευθυντὴς ΚΩΝΣΤ. ΚΑΖΑΚΟΣ.

ΚΑΤΑΣΚΕΥΗ ΜΕΤΑΛΛΙΚΟΥ ΚΤΙΡΙΟΥ ΑΘΗΝΑΣ ΣΙΔΗΡΟΔΡΟΜΩΝ. Ὁ Διευθυντὴς ΔΙΑΛ. ΑΔΑΚΤΥΛΟΣ.

ΑΝΑΔΕΙΞΙΣ ΠΡΟΜΗΘΕΥΤΩΝ. Τὸ Γενικὸν Κρατικὸν Νοσοκομεῖον Θεσσαλονίκης ἀνακοινοῖ ὅτι διενεργεῖ διαγωνισμὸν διὰ τὴν ἀνάδειξιν προμηθευτῶν διαφόρων εἰδῶν διὰ τὸ ἔτος 1973.
